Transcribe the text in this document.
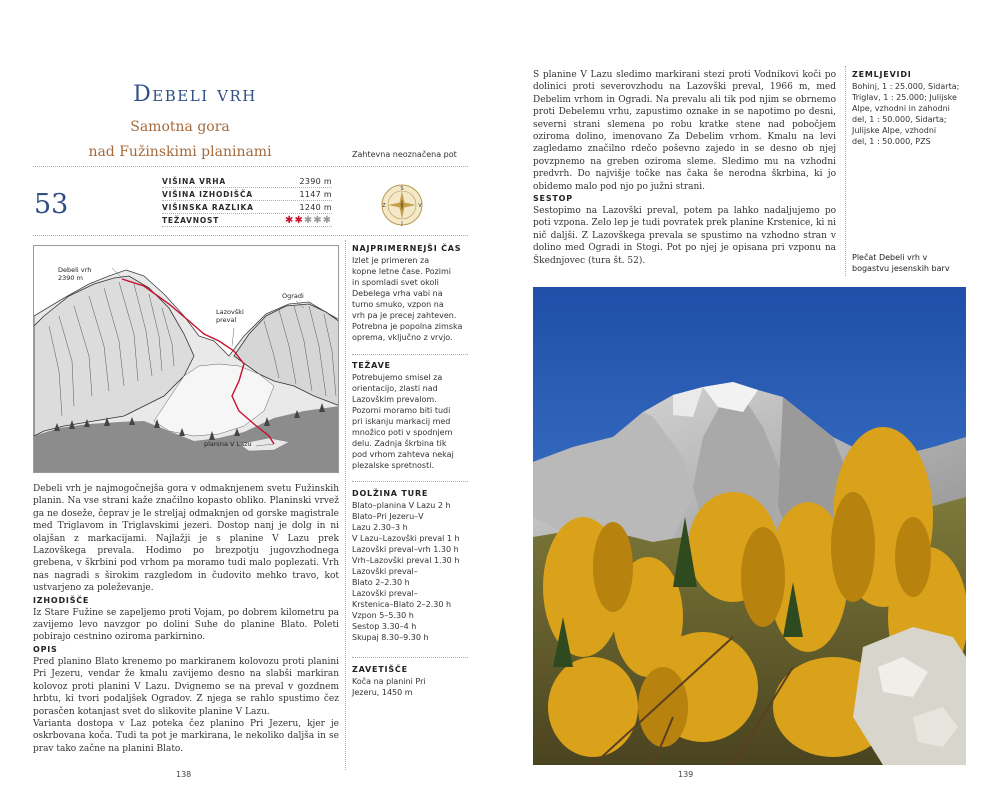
Debeli vrh
Samotna gora
nad Fužinskimi planinami	Zahtevna neoznačena pot
53
VIŠINA VRHA	2390 m
VIŠINA IZHODIŠČA	1147 m
VIŠINSKA RAZLIKA	1240 m
TEŽAVNOST	✱✱✱✱✱
S
J
Z	V
Debeli vrh
2390 m
Ogradi
Lazovški
preval
planina V Lazu
NAJPRIMERNEJŠI ČAS
Izlet je primeren za
kopne letne čase. Pozimi
in spomladi svet okoli
Debelega vrha vabi na
turno smuko, vzpon na
vrh pa je precej zahteven.
Potrebna je popolna zimska
oprema, vključno z vrvjo.
TEŽAVE
Potrebujemo smisel za
orientacijo, zlasti nad
Lazovškim prevalom.
Pozorni moramo biti tudi
pri iskanju markacij med
množico poti v spodnjem
delu. Zadnja škrbina tik
pod vrhom zahteva nekaj
plezalske spretnosti.
DOLŽINA TURE
Blato–planina V Lazu 2 h
Blato–Pri Jezeru–V
Lazu 2.30–3 h
V Lazu–Lazovški preval 1 h
Lazovški preval–vrh 1.30 h
Vrh–Lazovški preval 1.30 h
Lazovški preval–
Blato 2–2.30 h
Lazovški preval–
Krstenica–Blato 2–2.30 h
Vzpon 5–5.30 h
Sestop 3.30–4 h
Skupaj 8.30–9.30 h
ZAVETIŠČE
Koča na planini Pri
Jezeru, 1450 m

Debeli vrh je najmogočnejša gora v odmaknjenem svetu Fužinskih planin. Na vse strani kaže značilno kopasto obliko. Planinski vrvež ga ne doseže, čeprav je le streljaj odmaknjen od gorske magistrale med Triglavom in Triglavskimi jezeri. Dostop nanj je dolg in ni olajšan z markacijami. Najlažji je s planine V Lazu prek Lazovškega prevala. Hodimo po brezpotju jugovzhodnega grebena, v škrbini pod vrhom pa moramo tudi malo poplezati. Vrh nas nagradi s širokim razgledom in čudovito mehko travo, kot ustvarjeno za poleževanje.

IZHODIŠČE

Iz Stare Fužine se zapeljemo proti Vojam, po dobrem kilometru pa zavijemo levo navzgor po dolini Suhe do planine Blato. Poleti pobirajo cestnino oziroma parkirnino.

OPIS

Pred planino Blato krenemo po markiranem kolovozu proti planini Pri Jezeru, vendar že kmalu zavijemo desno na slabši markiran kolovoz proti planini V Lazu. Dvignemo se na preval v gozdnem hrbtu, ki tvori podaljšek Ogradov. Z njega se rahlo spustimo čez porasčen kotanjast svet do slikovite planine V Lazu.

Varianta dostopa v Laz poteka čez planino Pri Jezeru, kjer je oskrbovana koča. Tudi ta pot je markirana, le nekoliko daljša in se prav tako začne na planini Blato.

138

S planine V Lazu sledimo markirani stezi proti Vodnikovi koči po dolinici proti severovzhodu na Lazovški preval, 1966 m, med Debelim vrhom in Ogradi. Na prevalu ali tik pod njim se obrnemo proti Debelemu vrhu, zapustimo oznake in se napotimo po desni, severni strani slemena po robu kratke stene nad pobočjem oziroma dolino, imenovano Za Debelim vrhom. Kmalu na levi zagledamo značilno rdečo poševno zajedo in se desno ob njej povzpnemo na greben oziroma sleme. Sledimo mu na vzhodni predvrh. Do najvišje točke nas čaka še nerodna škrbina, ki jo obidemo malo pod njo po južni strani.

SESTOP

Sestopimo na Lazovški preval, potem pa lahko nadaljujemo po poti vzpona. Zelo lep je tudi povratek prek planine Krstenice, ki ni nič daljši. Z Lazovškega prevala se spustimo na vzhodno stran v dolino med Ogradi in Stogi. Pot po njej je opisana pri vzponu na Škednjovec (tura št. 52).

ZEMLJEVIDI
Bohinj, 1 : 25.000, Sidarta;
Triglav, 1 : 25.000; Julijske
Alpe, vzhodni in zahodni
del, 1 : 50.000, Sidarta;
Julijske Alpe, vzhodni
del, 1 : 50.000, PZS
Plečat Debeli vrh v
bogastvu jesenskih barv
139
